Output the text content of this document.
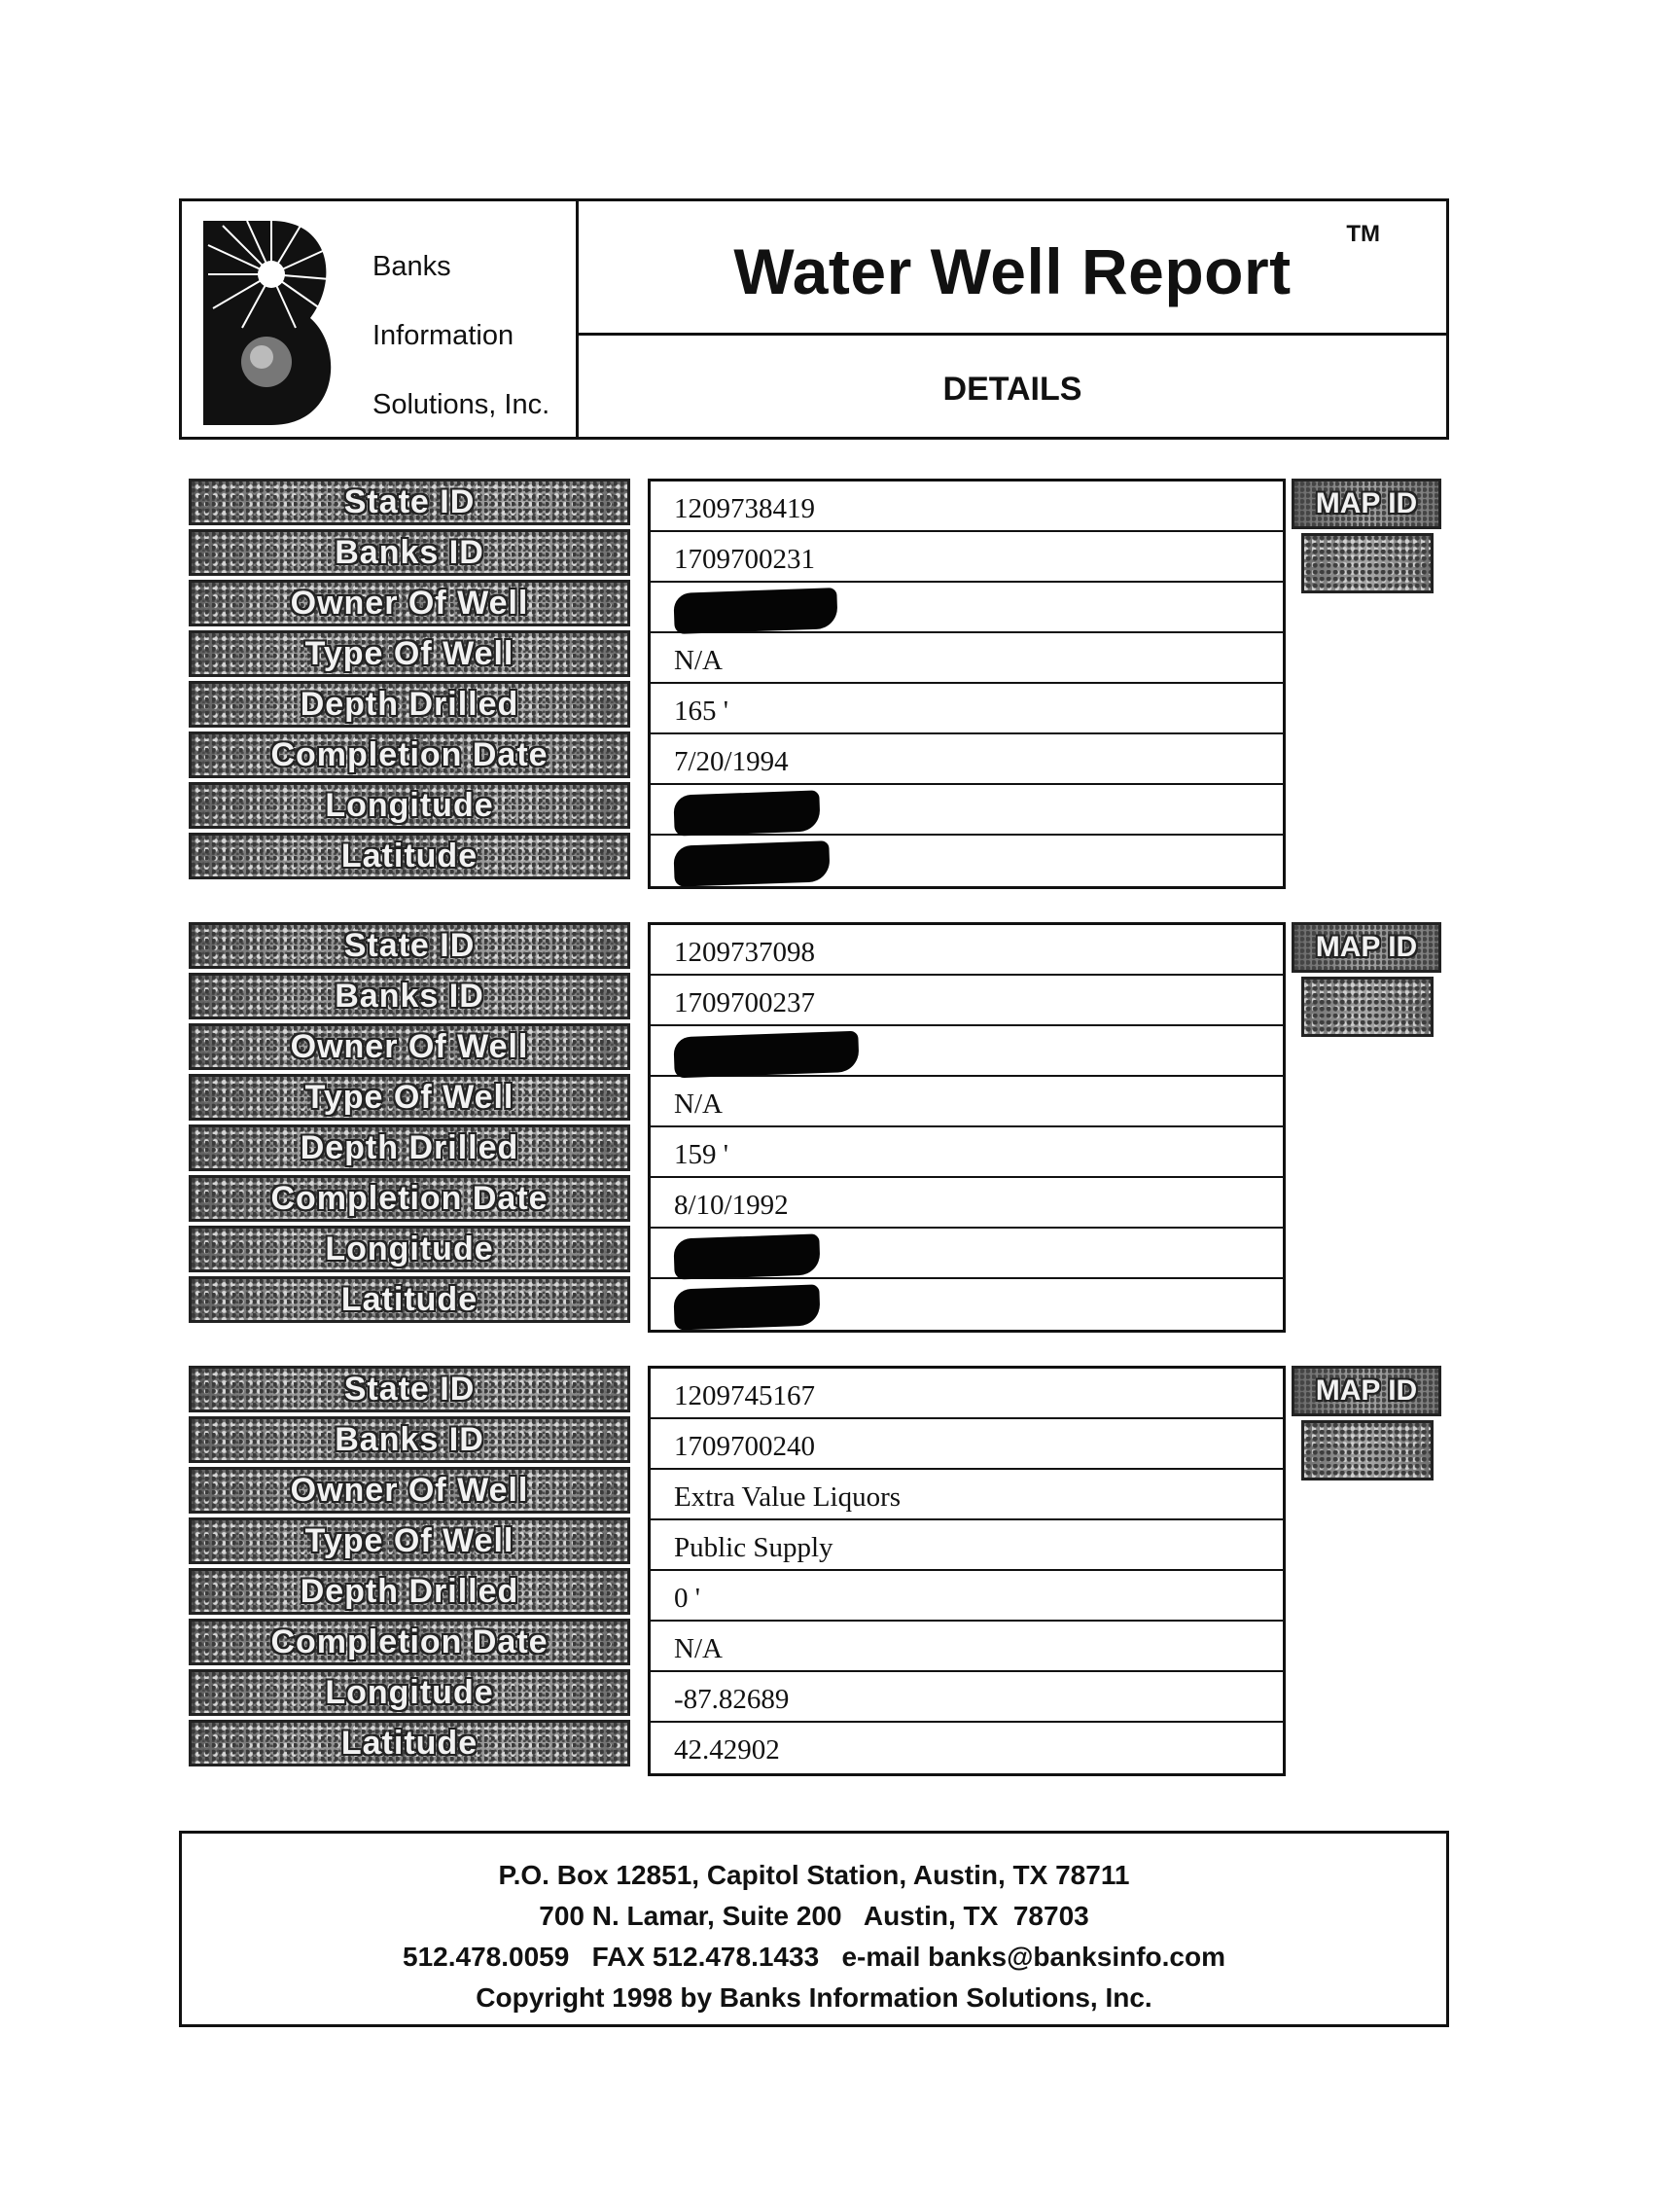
Banks
Information
Solutions, Inc.
Water Well Report
TM
DETAILS
State ID
Banks ID
Owner Of Well
Type Of Well
Depth Drilled
Completion Date
Longitude
Latitude
1209738419
1709700231
N/A
165 '
7/20/1994
MAP ID
State ID
Banks ID
Owner Of Well
Type Of Well
Depth Drilled
Completion Date
Longitude
Latitude
1209737098
1709700237
N/A
159 '
8/10/1992
MAP ID
State ID
Banks ID
Owner Of Well
Type Of Well
Depth Drilled
Completion Date
Longitude
Latitude
1209745167
1709700240
Extra Value Liquors
Public Supply
0 '
N/A
-87.82689
42.42902
MAP ID
P.O. Box 12851, Capitol Station, Austin, TX 78711
700 N. Lamar, Suite 200   Austin, TX  78703
512.478.0059   FAX 512.478.1433   e-mail banks@banksinfo.com
Copyright 1998 by Banks Information Solutions, Inc.
